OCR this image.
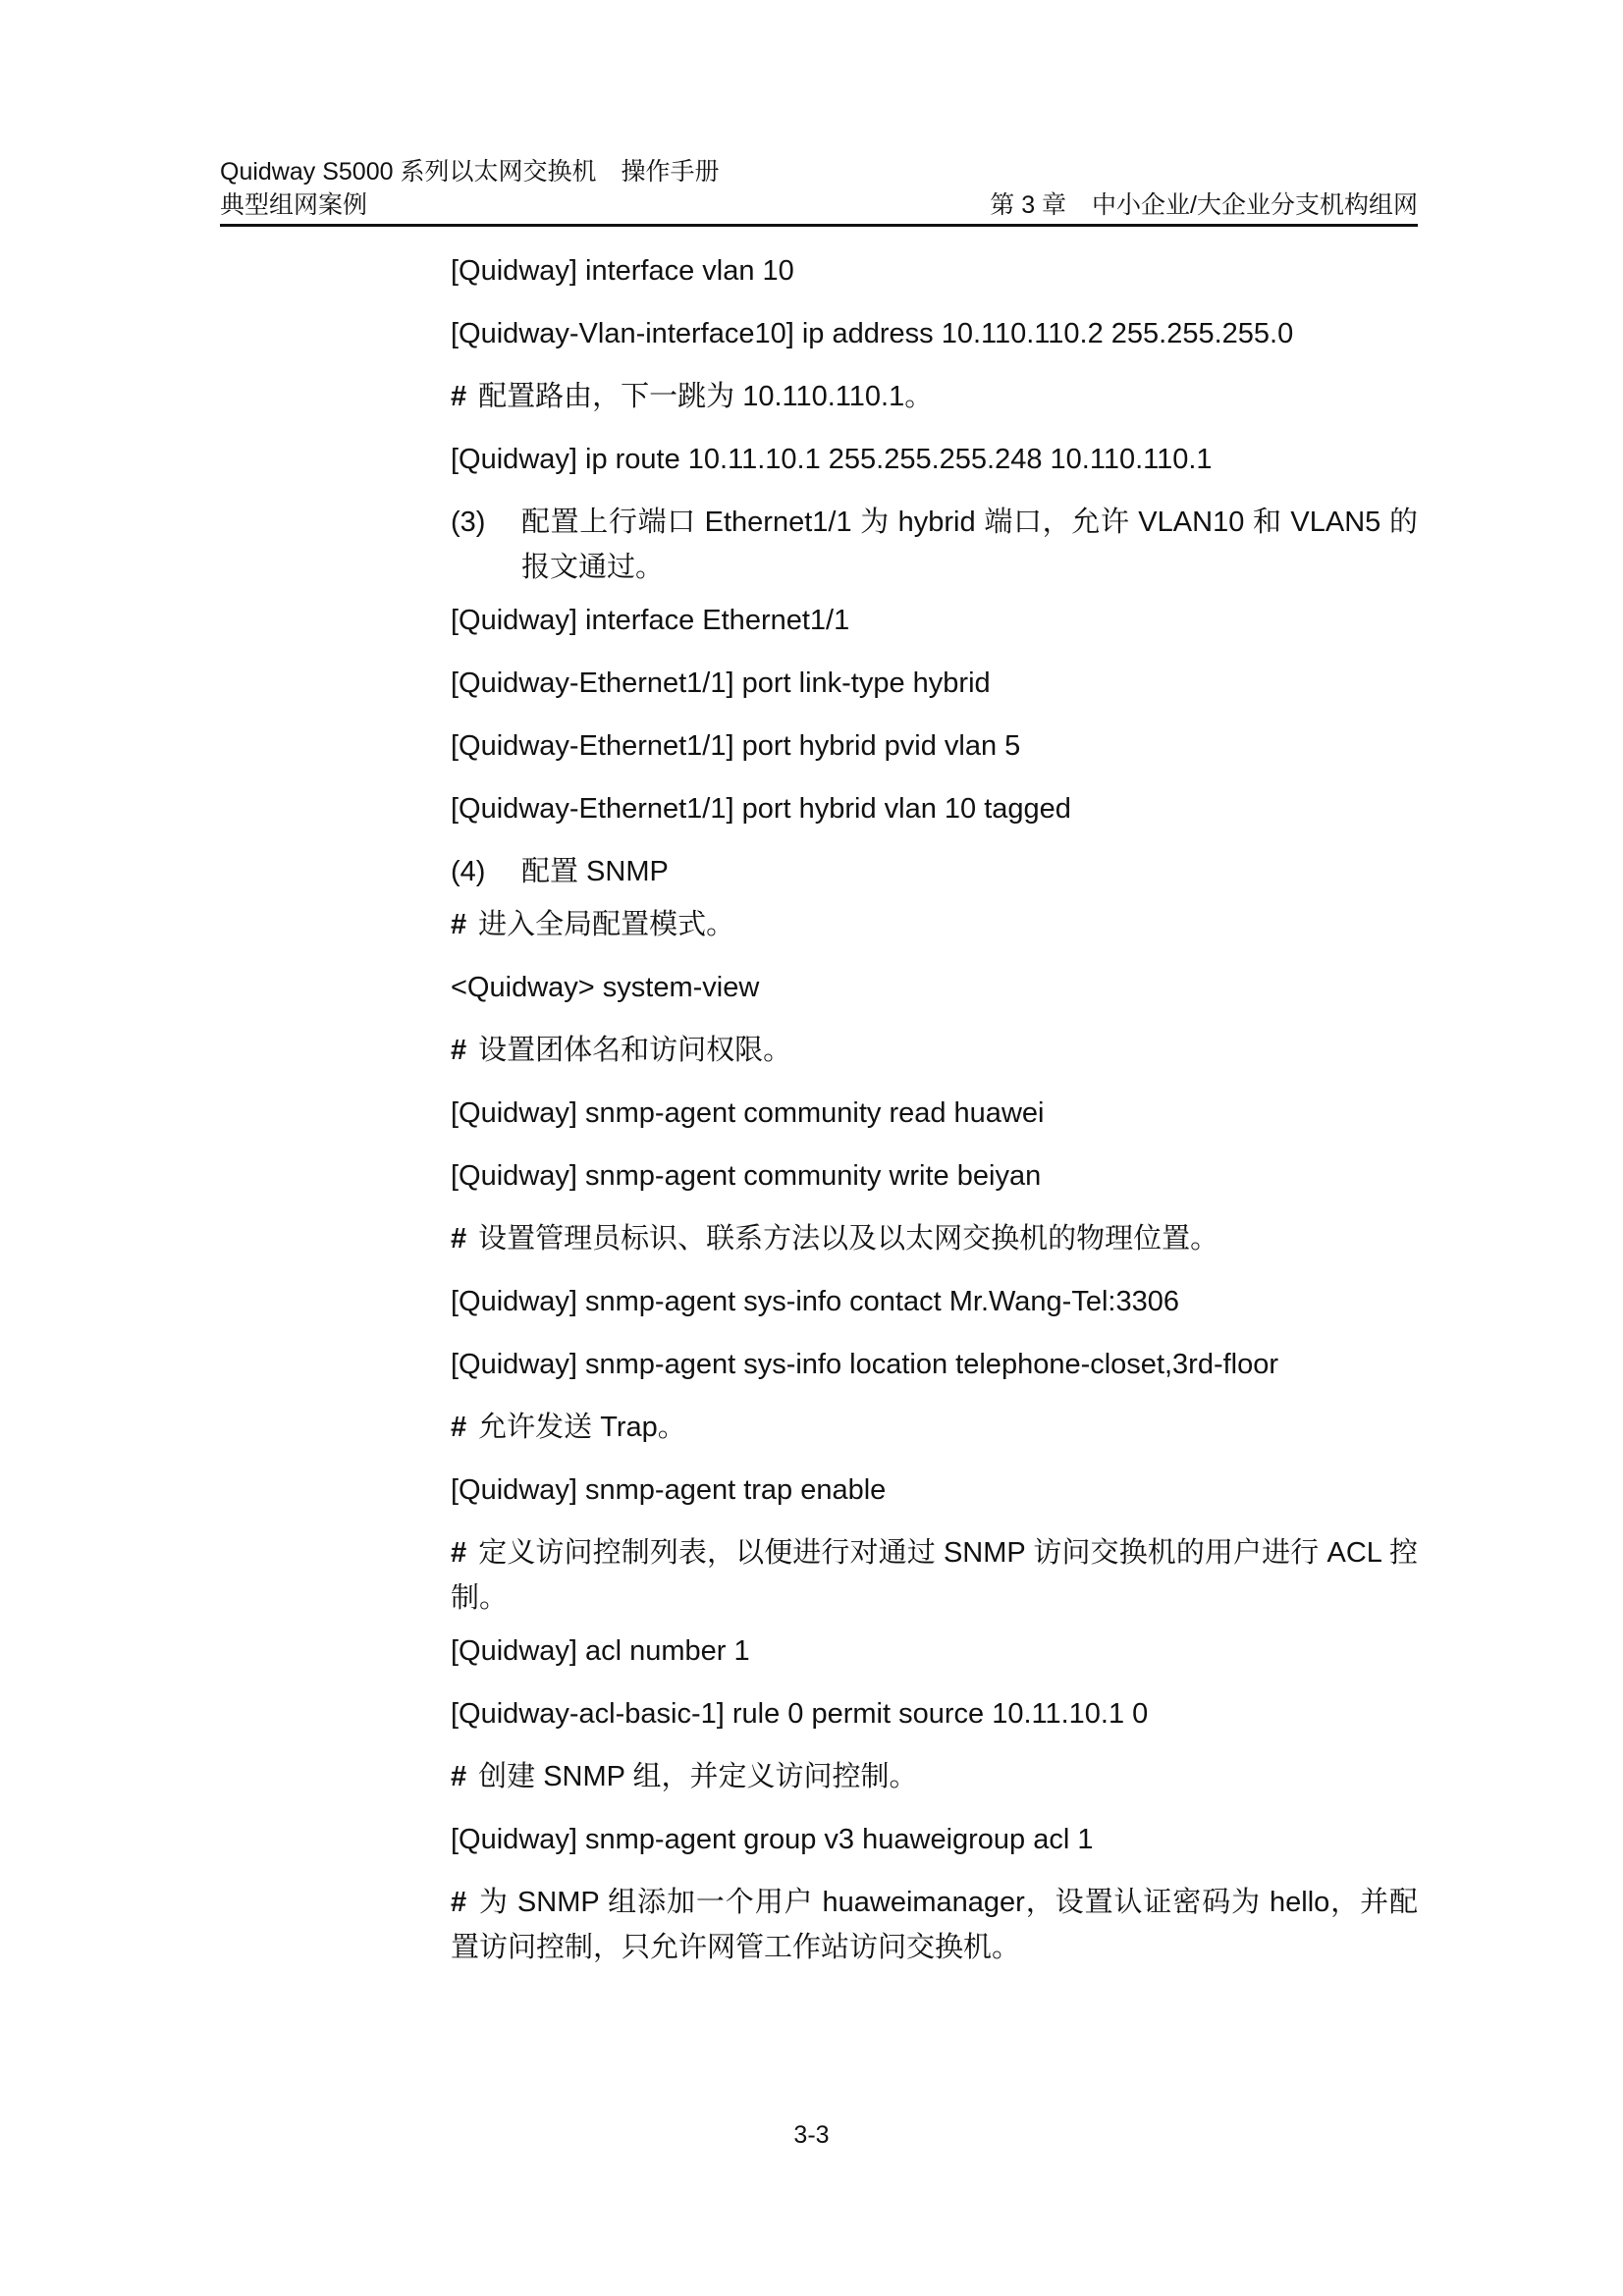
Quidway S5000 系列以太网交换机　操作手册
典型组网案例	第 3 章 中小企业/大企业分支机构组网
[Quidway] interface vlan 10
[Quidway-Vlan-interface10] ip address 10.110.110.2 255.255.255.0
# 配置路由，下一跳为 10.110.110.1。
[Quidway] ip route 10.11.10.1 255.255.255.248 10.110.110.1
(3)	配置上行端口 Ethernet1/1 为 hybrid 端口，允许 VLAN10 和 VLAN5 的报文通过。
[Quidway] interface Ethernet1/1
[Quidway-Ethernet1/1] port link-type hybrid
[Quidway-Ethernet1/1] port hybrid pvid vlan 5
[Quidway-Ethernet1/1] port hybrid vlan 10 tagged
(4)	配置 SNMP
# 进入全局配置模式。
<Quidway> system-view
# 设置团体名和访问权限。
[Quidway] snmp-agent community read huawei
[Quidway] snmp-agent community write beiyan
# 设置管理员标识、联系方法以及以太网交换机的物理位置。
[Quidway] snmp-agent sys-info contact Mr.Wang-Tel:3306
[Quidway] snmp-agent sys-info location telephone-closet,3rd-floor
# 允许发送 Trap。
[Quidway] snmp-agent trap enable
# 定义访问控制列表，以便进行对通过 SNMP 访问交换机的用户进行 ACL 控制。
[Quidway] acl number 1
[Quidway-acl-basic-1] rule 0 permit source 10.11.10.1 0
# 创建 SNMP 组，并定义访问控制。
[Quidway] snmp-agent group v3 huaweigroup acl 1
# 为 SNMP 组添加一个用户 huaweimanager，设置认证密码为 hello，并配置访问控制，只允许网管工作站访问交换机。
3-3
